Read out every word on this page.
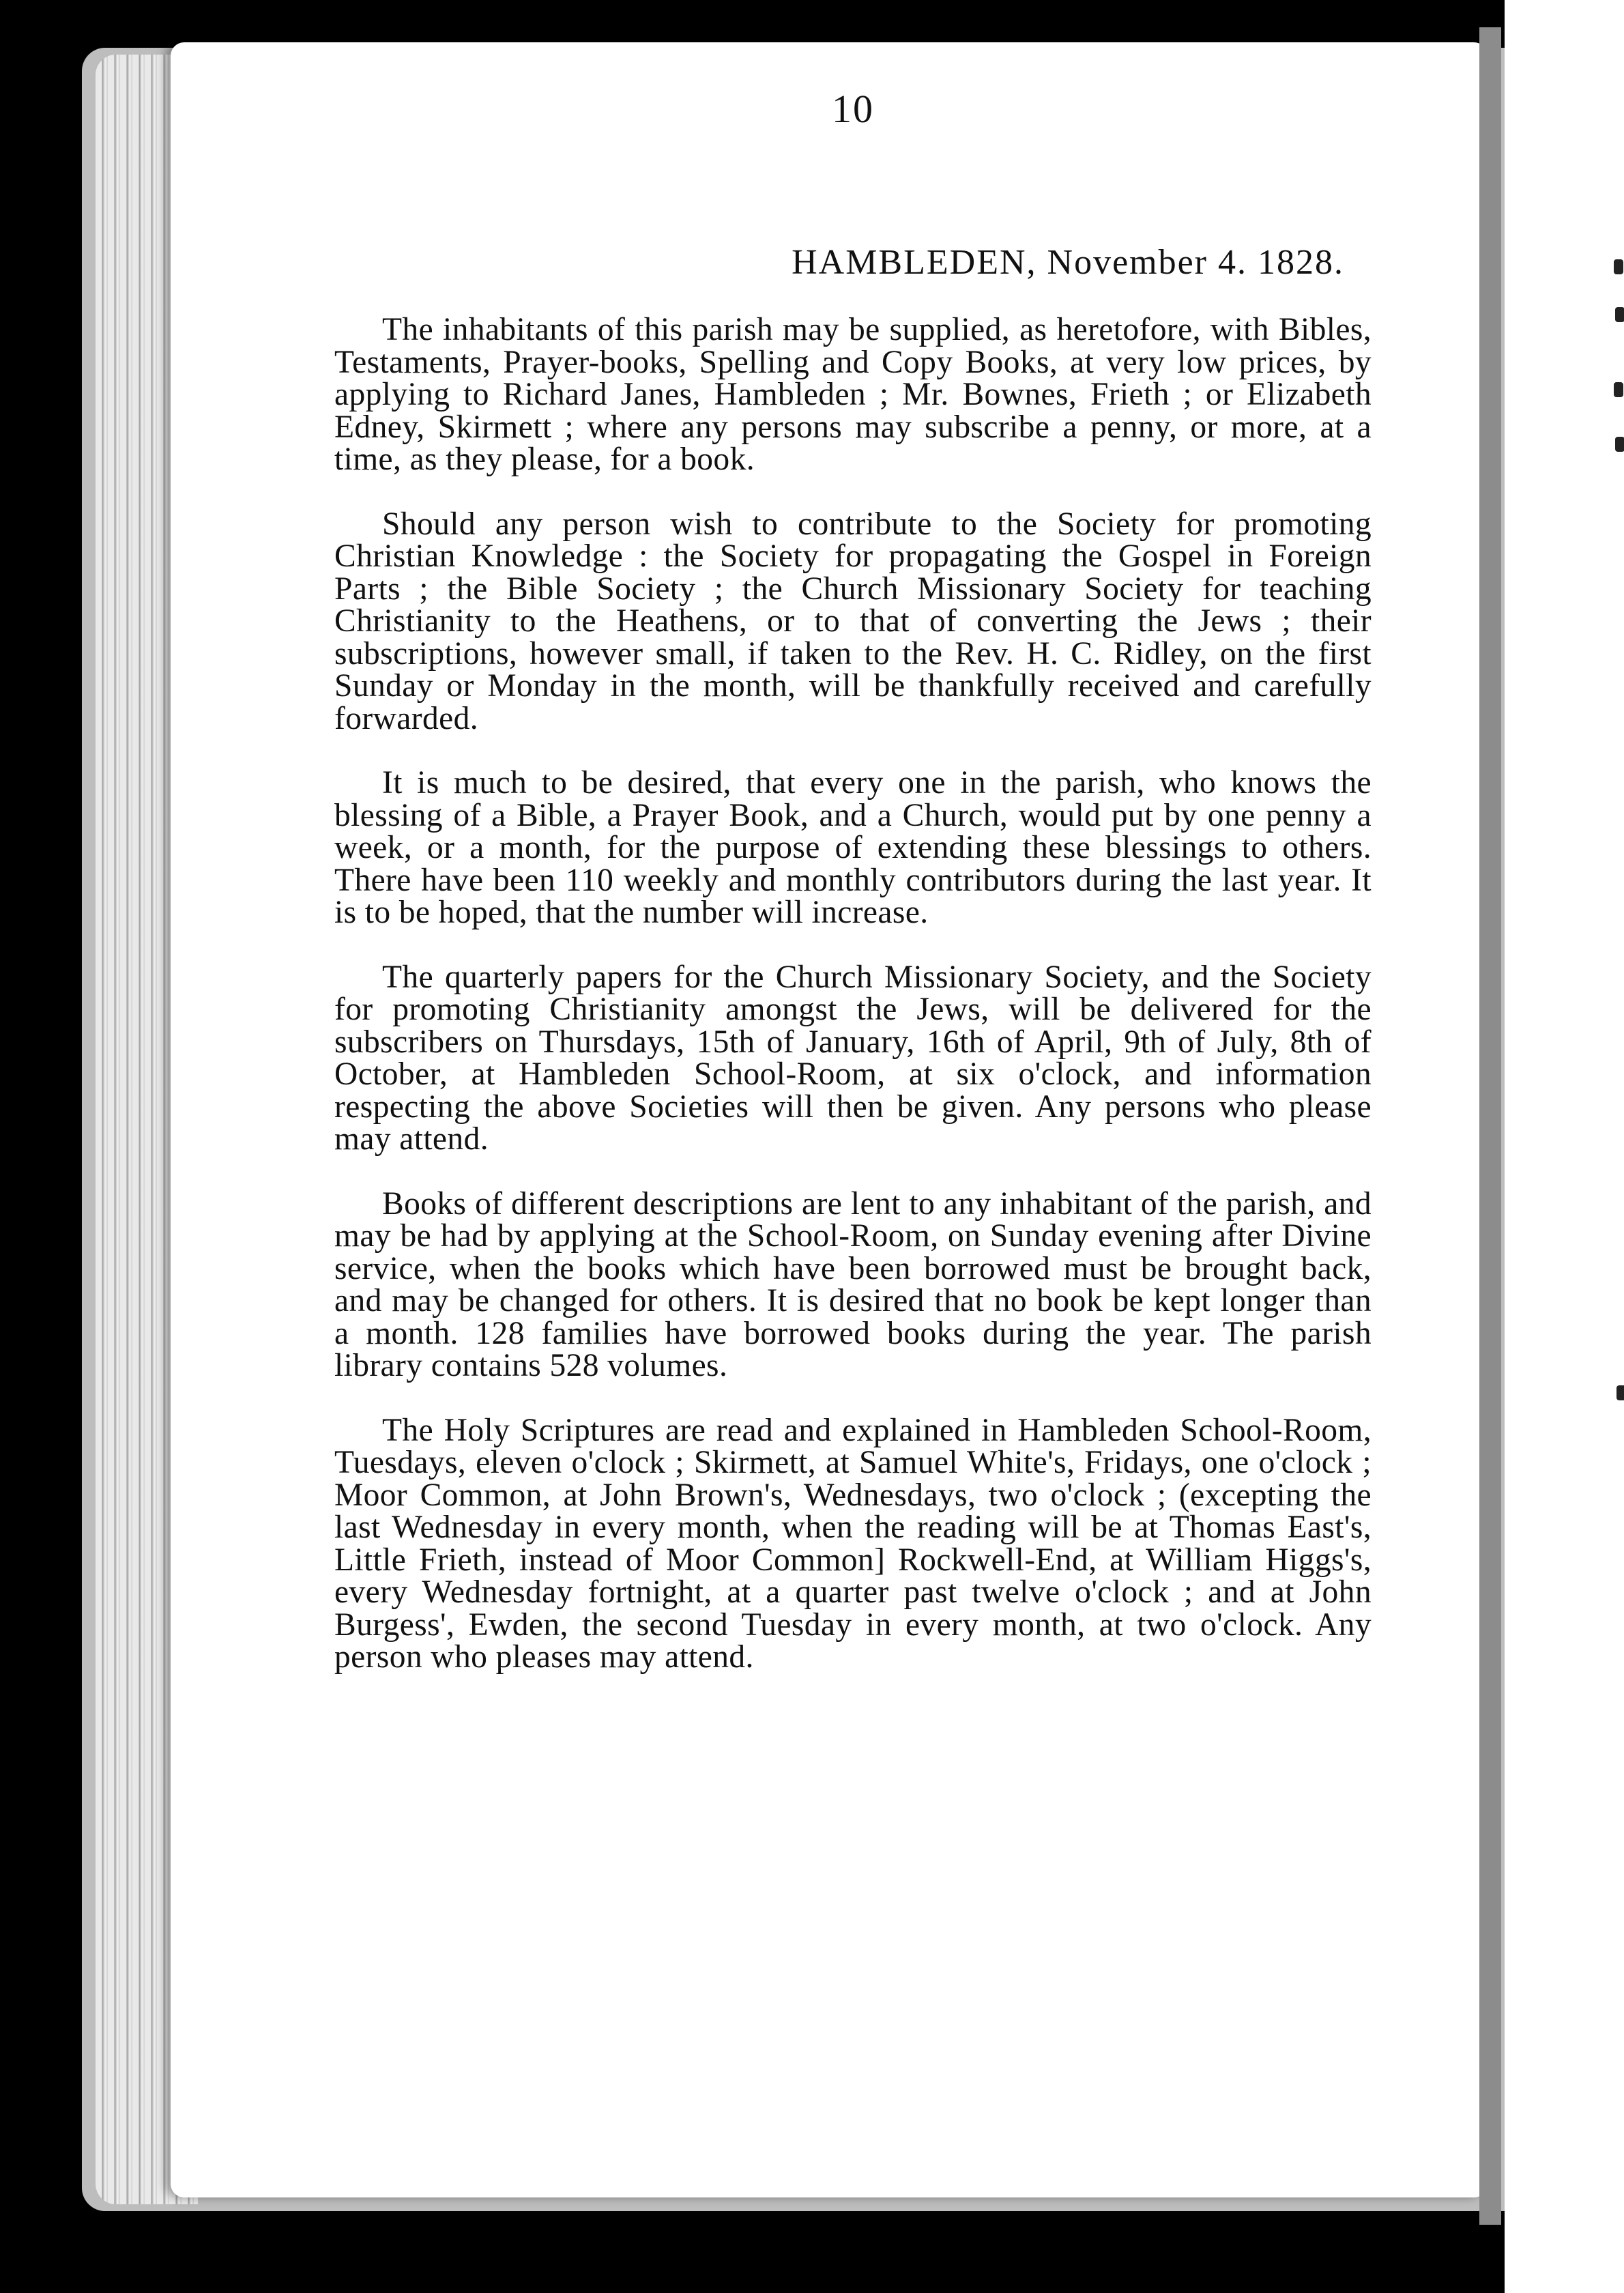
10
HAMBLEDEN, November 4. 1828.

The inhabitants of this parish may be supplied, as heretofore, with Bibles, Testaments, Prayer-books, Spelling and Copy Books, at very low prices, by applying to Richard Janes, Hambleden ; Mr. Bownes, Frieth ; or Elizabeth Edney, Skirmett ; where any persons may subscribe a penny, or more, at a time, as they please, for a book.

Should any person wish to contribute to the Society for promoting Christian Knowledge : the Society for propagating the Gospel in Foreign Parts ; the Bible Society ; the Church Missionary Society for teaching Christianity to the Heathens, or to that of converting the Jews ; their subscriptions, however small, if taken to the Rev. H. C. Ridley, on the first Sunday or Monday in the month, will be thankfully received and carefully forwarded.

It is much to be desired, that every one in the parish, who knows the blessing of a Bible, a Prayer Book, and a Church, would put by one penny a week, or a month, for the purpose of extending these blessings to others. There have been 110 weekly and monthly contributors during the last year. It is to be hoped, that the number will increase.

The quarterly papers for the Church Missionary Society, and the Society for promoting Christianity amongst the Jews, will be delivered for the subscribers on Thursdays, 15th of January, 16th of April, 9th of July, 8th of October, at Hambleden School-Room, at six o'clock, and information respecting the above Societies will then be given. Any persons who please may attend.

Books of different descriptions are lent to any inhabitant of the parish, and may be had by applying at the School-Room, on Sunday evening after Divine service, when the books which have been borrowed must be brought back, and may be changed for others. It is desired that no book be kept longer than a month. 128 families have borrowed books during the year. The parish library contains 528 volumes.

The Holy Scriptures are read and explained in Hambleden School-Room, Tuesdays, eleven o'clock ; Skirmett, at Samuel White's, Fridays, one o'clock ; Moor Common, at John Brown's, Wednesdays, two o'clock ; (excepting the last Wednesday in every month, when the reading will be at Thomas East's, Little Frieth, instead of Moor Common] Rockwell-End, at William Higgs's, every Wednesday fortnight, at a quarter past twelve o'clock ; and at John Burgess', Ewden, the second Tuesday in every month, at two o'clock. Any person who pleases may attend.
